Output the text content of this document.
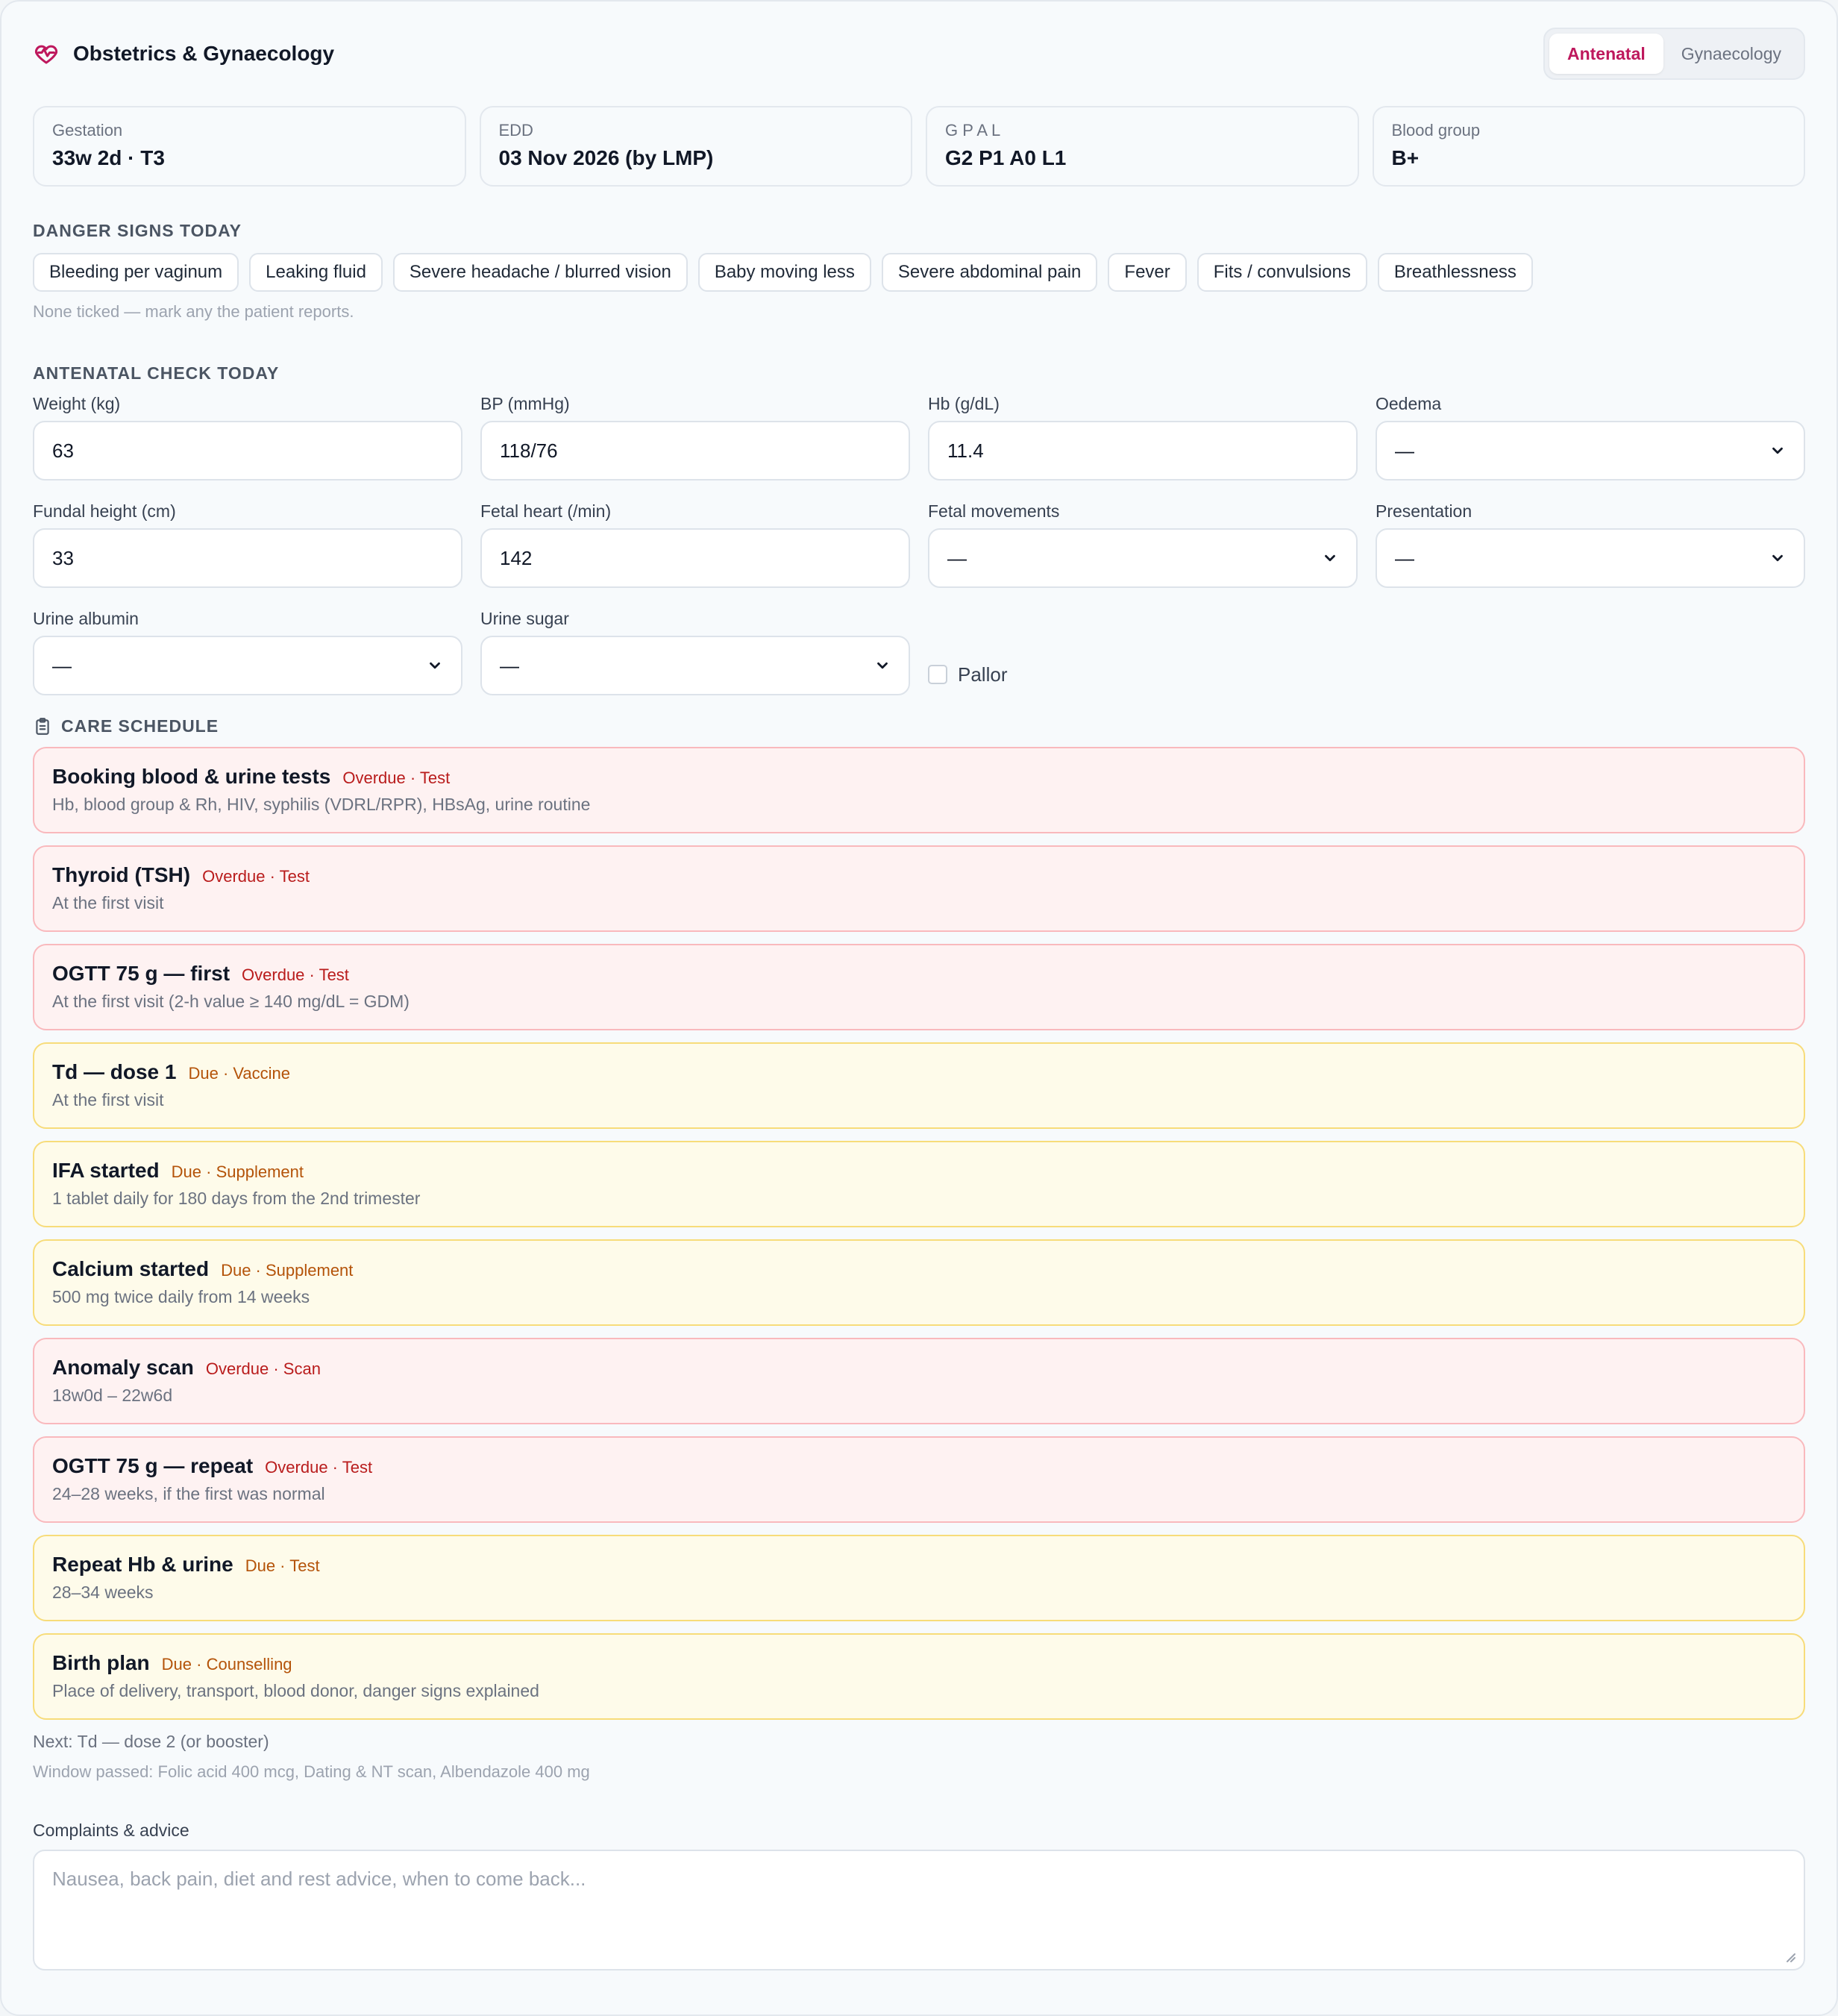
Obstetrics & Gynaecology	Antenatal	Gynaecology
Gestation
33w 2d · T3
EDD
03 Nov 2026 (by LMP)
G P A L
G2 P1 A0 L1
Blood group
B+
DANGER SIGNS TODAY
Bleeding per vaginum	Leaking fluid	Severe headache / blurred vision	Baby moving less	Severe abdominal pain	Fever	Fits / convulsions	Breathlessness
None ticked — mark any the patient reports.
ANTENATAL CHECK TODAY
Weight (kg)
63
BP (mmHg)
118/76
Hb (g/dL)
11.4
Oedema
—
Fundal height (cm)
33
Fetal heart (/min)
142
Fetal movements
—
Presentation
—
Urine albumin
—
Urine sugar
—	Pallor
CARE SCHEDULE
Booking blood & urine tests Overdue · Test
Hb, blood group & Rh, HIV, syphilis (VDRL/RPR), HBsAg, urine routine
Thyroid (TSH) Overdue · Test
At the first visit
OGTT 75 g — first Overdue · Test
At the first visit (2-h value ≥ 140 mg/dL = GDM)
Td — dose 1 Due · Vaccine
At the first visit
IFA started Due · Supplement
1 tablet daily for 180 days from the 2nd trimester
Calcium started Due · Supplement
500 mg twice daily from 14 weeks
Anomaly scan Overdue · Scan
18w0d – 22w6d
OGTT 75 g — repeat Overdue · Test
24–28 weeks, if the first was normal
Repeat Hb & urine Due · Test
28–34 weeks
Birth plan Due · Counselling
Place of delivery, transport, blood donor, danger signs explained
Next: Td — dose 2 (or booster)
Window passed: Folic acid 400 mcg, Dating & NT scan, Albendazole 400 mg
Complaints & advice
Nausea, back pain, diet and rest advice, when to come back...
